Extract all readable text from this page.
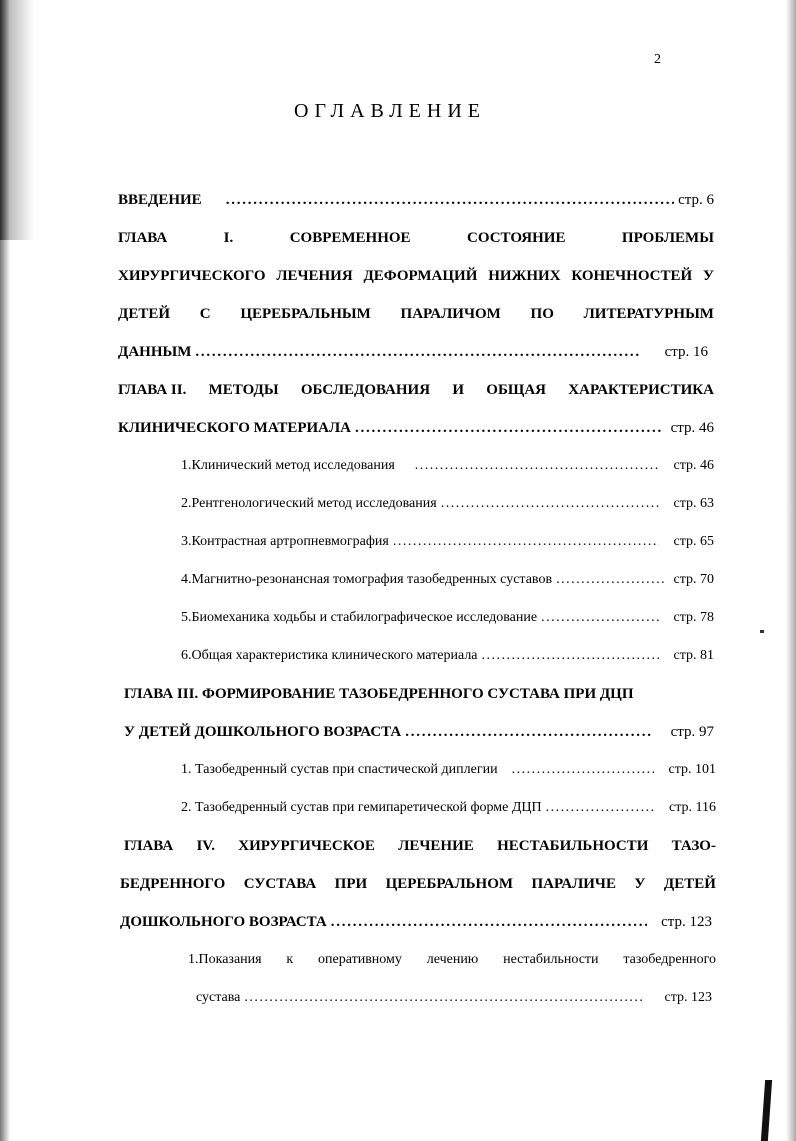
2
ОГЛАВЛЕНИЕ
ВВЕДЕНИЕ . . .	стр. 6
ГЛАВА	I.	СОВРЕМЕННОЕ	СОСТОЯНИЕ	ПРОБЛЕМЫ
ХИРУРГИЧЕСКОГО ЛЕЧЕНИЯ ДЕФОРМАЦИЙ НИЖНИХ КОНЕЧНОСТЕЙ У
ДЕТЕЙ С ЦЕРЕБРАЛЬНЫМ ПАРАЛИЧОМ ПО ЛИТЕРАТУРНЫМ
ДАННЫМ . . .	стр. 16
ГЛАВА II. МЕТОДЫ ОБСЛЕДОВАНИЯ И ОБЩАЯ ХАРАКТЕРИСТИКА
КЛИНИЧЕСКОГО МАТЕРИАЛА . . .	стр. 46
1.Клинический метод исследования . . .	стр. 46
2.Рентгенологический метод исследования . . .	стр. 63
3.Контрастная артропневмография . . .	стр. 65
4.Магнитно-резонансная томография тазобедренных суставов . . .	стр. 70
5.Биомеханика ходьбы и стабилографическое исследование . . .	стр. 78
6.Общая характеристика клинического материала . . .	стр. 81
ГЛАВА III. ФОРМИРОВАНИЕ ТАЗОБЕДРЕННОГО СУСТАВА ПРИ ДЦП
У ДЕТЕЙ ДОШКОЛЬНОГО ВОЗРАСТА . . .	стр. 97
1. Тазобедренный сустав при спастической диплегии . . .	стр. 101
2. Тазобедренный сустав при гемипаретической форме ДЦП . . .	стр. 116
ГЛАВА IV. ХИРУРГИЧЕСКОЕ ЛЕЧЕНИЕ НЕСТАБИЛЬНОСТИ ТАЗО-
БЕДРЕННОГО СУСТАВА ПРИ ЦЕРЕБРАЛЬНОМ ПАРАЛИЧЕ У ДЕТЕЙ
ДОШКОЛЬНОГО ВОЗРАСТА . . .	стр. 123
1.Показания к оперативному лечению нестабильности тазобедренного
сустава . . .	стр. 123
